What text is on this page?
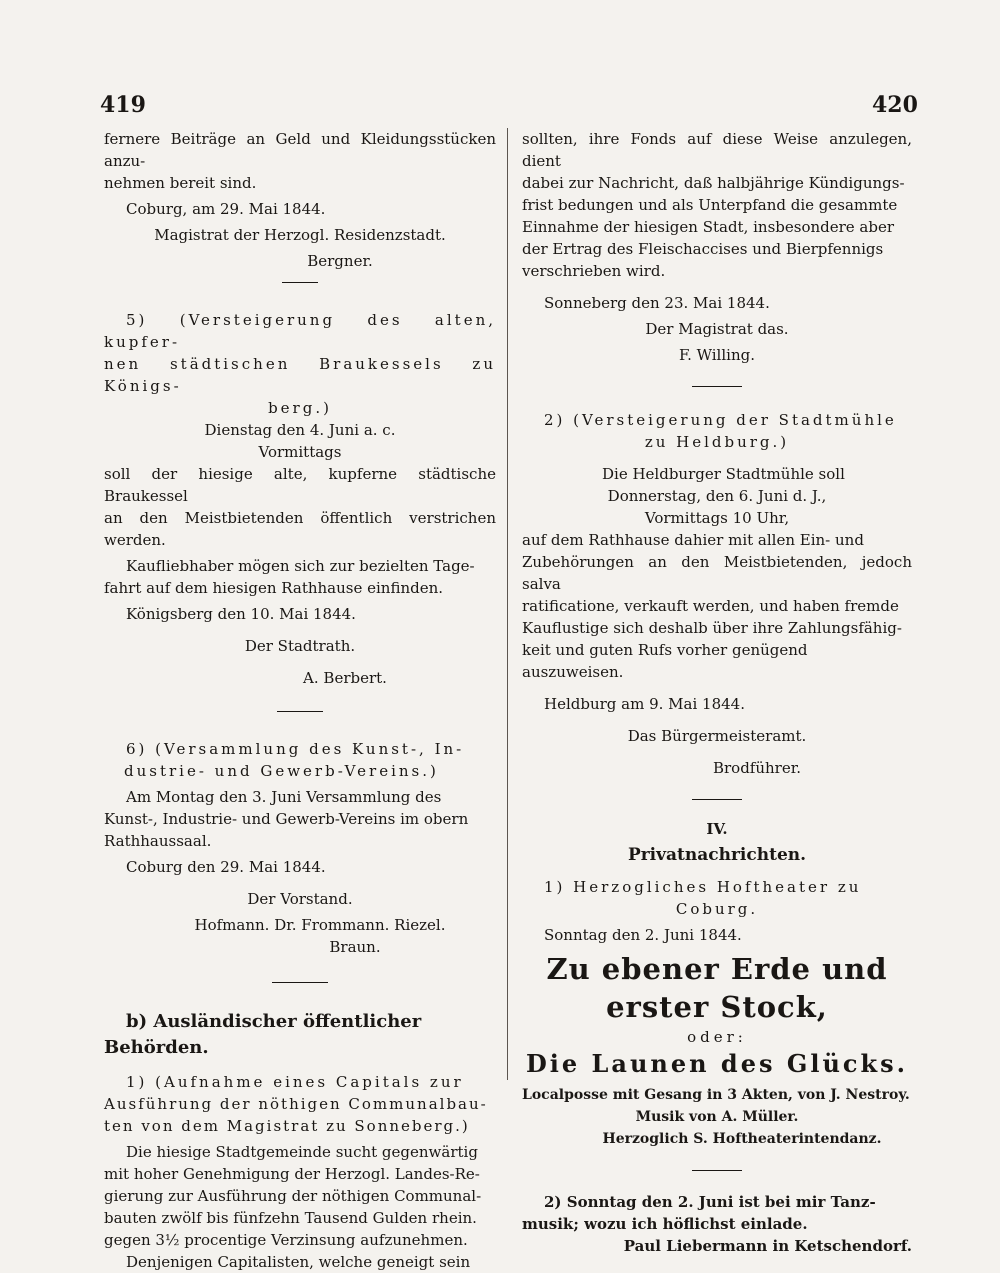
419	420

fernere Beiträge an Geld und Kleidungsstücken anzu-

nehmen bereit sind.

Coburg, am 29. Mai 1844.

Magistrat der Herzogl. Residenzstadt.

Bergner.

5) (Versteigerung des alten, kupfer-

nen städtischen Braukessels zu Königs-

berg.)

Dienstag den 4. Juni a. c.

Vormittags

soll der hiesige alte, kupferne städtische Braukessel

an den Meistbietenden öffentlich verstrichen werden.

Kaufliebhaber mögen sich zur bezielten Tage-

fahrt auf dem hiesigen Rathhause einfinden.

Königsberg den 10. Mai 1844.

Der Stadtrath.

A. Berbert.

6) (Versammlung des Kunst-, In-

dustrie- und Gewerb-Vereins.)

Am Montag den 3. Juni Versammlung des

Kunst-, Industrie- und Gewerb-Vereins im obern

Rathhaussaal.

Coburg den 29. Mai 1844.

Der Vorstand.

Hofmann. Dr. Frommann. Riezel.

Braun.

b) Ausländischer öffentlicher Behörden.

1) (Aufnahme eines Capitals zur

Ausführung der nöthigen Communalbau-

ten von dem Magistrat zu Sonneberg.)

Die hiesige Stadtgemeinde sucht gegenwärtig

mit hoher Genehmigung der Herzogl. Landes-Re-

gierung zur Ausführung der nöthigen Communal-

bauten zwölf bis fünfzehn Tausend Gulden rhein.

gegen 3½ procentige Verzinsung aufzunehmen.

Denjenigen Capitalisten, welche geneigt sein

sollten, ihre Fonds auf diese Weise anzulegen, dient

dabei zur Nachricht, daß halbjährige Kündigungs-

frist bedungen und als Unterpfand die gesammte

Einnahme der hiesigen Stadt, insbesondere aber

der Ertrag des Fleischaccises und Bierpfennigs

verschrieben wird.

Sonneberg den 23. Mai 1844.

Der Magistrat das.

F. Willing.

2) (Versteigerung der Stadtmühle

zu Heldburg.)

Die Heldburger Stadtmühle soll

Donnerstag, den 6. Juni d. J.,

Vormittags 10 Uhr,

auf dem Rathhause dahier mit allen Ein- und

Zubehörungen an den Meistbietenden, jedoch salva

ratificatione, verkauft werden, und haben fremde

Kauflustige sich deshalb über ihre Zahlungsfähig-

keit und guten Rufs vorher genügend auszuweisen.

Heldburg am 9. Mai 1844.

Das Bürgermeisteramt.

Brodführer.

IV.

Privatnachrichten.

1) Herzogliches Hoftheater zu

Coburg.

Sonntag den 2. Juni 1844.

Zu ebener Erde und erster Stock,

oder:

Die Launen des Glücks.

Localposse mit Gesang in 3 Akten, von J. Nestroy.

Musik von A. Müller.

Herzoglich S. Hoftheaterintendanz.

2) Sonntag den 2. Juni ist bei mir Tanz-

musik; wozu ich höflichst einlade.

Paul Liebermann in Ketschendorf.
